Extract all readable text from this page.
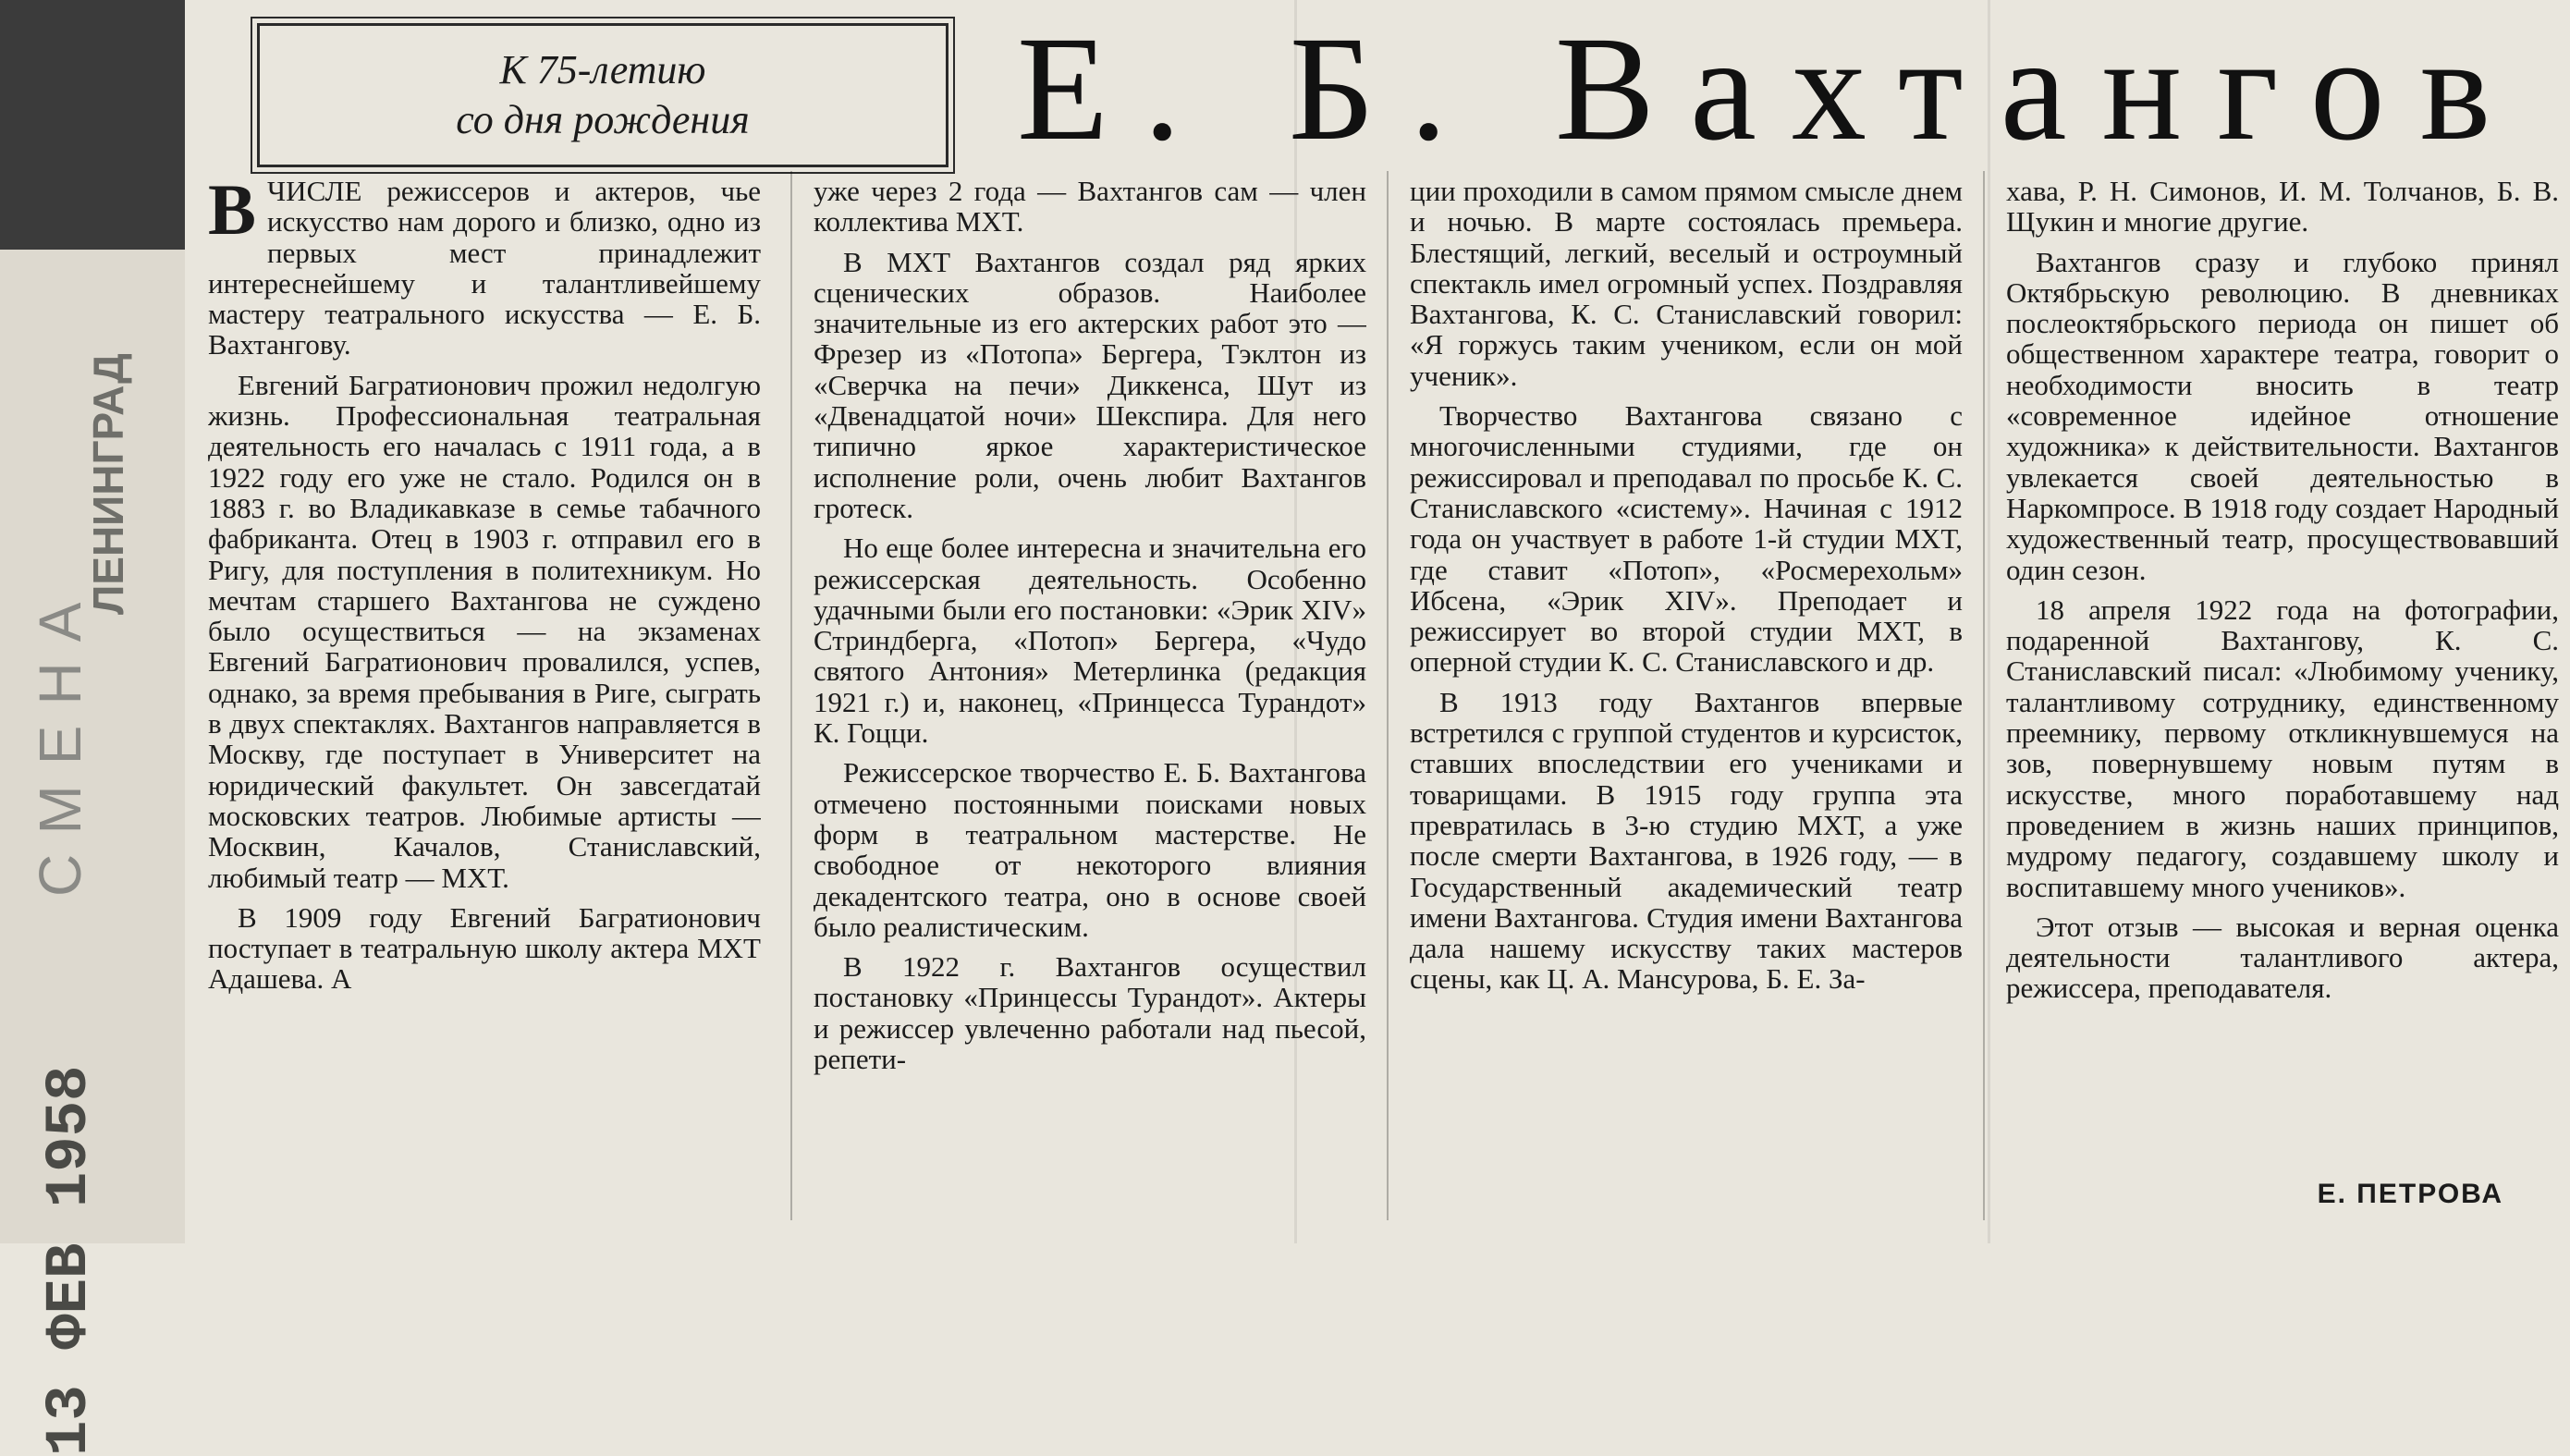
СМЕНА
ЛЕНИНГРАД
13 ФЕВ 1958
К 75-летию
со дня рождения Е. Б. Вахтангов

ВЧИСЛЕ режиссеров и актеров, чье искусство нам дорого и близко, одно из первых мест принадлежит интереснейшему и талантливейшему мастеру театрального искусства — Е. Б. Вахтангову.

Евгений Багратионович прожил недолгую жизнь. Профессиональная театральная деятельность его началась с 1911 года, а в 1922 году его уже не стало. Родился он в 1883 г. во Владикавказе в семье табачного фабриканта. Отец в 1903 г. отправил его в Ригу, для поступления в политехникум. Но мечтам старшего Вахтангова не суждено было осуществиться — на экзаменах Евгений Багратионович провалился, успев, однако, за время пребывания в Риге, сыграть в двух спектаклях. Вахтангов направляется в Москву, где поступает в Университет на юридический факультет. Он завсегдатай московских театров. Любимые артисты — Москвин, Качалов, Станиславский, любимый театр — МХТ.

В 1909 году Евгений Багратионович поступает в театральную школу актера МХТ Адашева. А

уже через 2 года — Вахтангов сам — член коллектива МХТ.

В МХТ Вахтангов создал ряд ярких сценических образов. Наиболее значительные из его актерских работ это — Фрезер из «Потопа» Бергера, Тэклтон из «Сверчка на печи» Диккенса, Шут из «Двенадцатой ночи» Шекспира. Для него типично яркое характеристическое исполнение роли, очень любит Вахтангов гротеск.

Но еще более интересна и значительна его режиссерская деятельность. Особенно удачными были его постановки: «Эрик XIV» Стриндберга, «Потоп» Бергера, «Чудо святого Антония» Метерлинка (редакция 1921 г.) и, наконец, «Принцесса Турандот» К. Гоцци.

Режиссерское творчество Е. Б. Вахтангова отмечено постоянными поисками новых форм в театральном мастерстве. Не свободное от некоторого влияния декадентского театра, оно в основе своей было реалистическим.

В 1922 г. Вахтангов осуществил постановку «Принцессы Турандот». Актеры и режиссер увлеченно работали над пьесой, репети-

ции проходили в самом прямом смысле днем и ночью. В марте состоялась премьера. Блестящий, легкий, веселый и остроумный спектакль имел огромный успех. Поздравляя Вахтангова, К. С. Станиславский говорил: «Я горжусь таким учеником, если он мой ученик».

Творчество Вахтангова связано с многочисленными студиями, где он режиссировал и преподавал по просьбе К. С. Станиславского «систему». Начиная с 1912 года он участвует в работе 1-й студии МХТ, где ставит «Потоп», «Росмерехольм» Ибсена, «Эрик XIV». Преподает и режиссирует во второй студии МХТ, в оперной студии К. С. Станиславского и др.

В 1913 году Вахтангов впервые встретился с группой студентов и курсисток, ставших впоследствии его учениками и товарищами. В 1915 году группа эта превратилась в 3-ю студию МХТ, а уже после смерти Вахтангова, в 1926 году, — в Государственный академический театр имени Вахтангова. Студия имени Вахтангова дала нашему искусству таких мастеров сцены, как Ц. А. Мансурова, Б. Е. За-

хава, Р. Н. Симонов, И. М. Толчанов, Б. В. Щукин и многие другие.

Вахтангов сразу и глубоко принял Октябрьскую революцию. В дневниках послеоктябрьского периода он пишет об общественном характере театра, говорит о необходимости вносить в театр «современное идейное отношение художника» к действительности. Вахтангов увлекается своей деятельностью в Наркомпросе. В 1918 году создает Народный художественный театр, просуществовавший один сезон.

18 апреля 1922 года на фотографии, подаренной Вахтангову, К. С. Станиславский писал: «Любимому ученику, талантливому сотруднику, единственному преемнику, первому откликнувшемуся на зов, повернувшему новым путям в искусстве, много поработавшему над проведением в жизнь наших принципов, мудрому педагогу, создавшему школу и воспитавшему много учеников».

Этот отзыв — высокая и верная оценка деятельности талантливого актера, режиссера, преподавателя.

Е. ПЕТРОВА
